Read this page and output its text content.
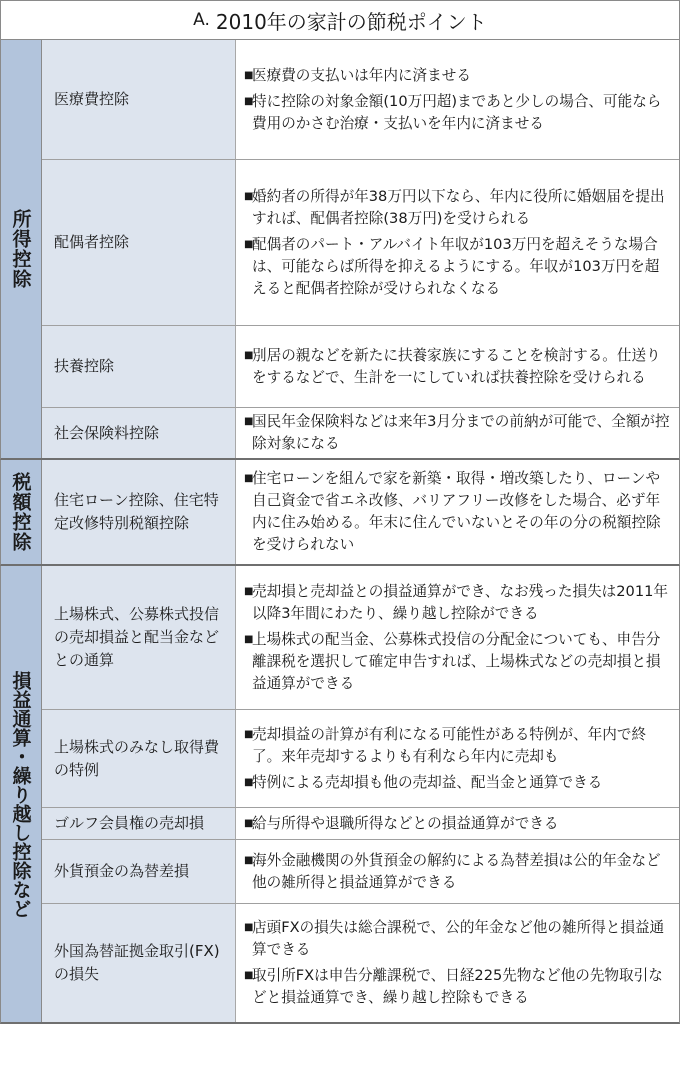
A. 2010年の家計の節税ポイント
所得控除
医療費控除
■
医療費の支払いは年内に済ませる
■
特に控除の対象金額(10万円超)まであと少しの場合、可能なら費用のかさむ治療・支払いを年内に済ませる
配偶者控除
■
婚約者の所得が年38万円以下なら、年内に役所に婚姻届を提出すれば、配偶者控除(38万円)を受けられる
■
配偶者のパート・アルバイト年収が103万円を超えそうな場合は、可能ならば所得を抑えるようにする。年収が103万円を超えると配偶者控除が受けられなくなる
扶養控除
■
別居の親などを新たに扶養家族にすることを検討する。仕送りをするなどで、生計を一にしていれば扶養控除を受けられる
社会保険料控除
■
国民年金保険料などは来年3月分までの前納が可能で、全額が控除対象になる
税額控除	住宅ローン控除、住宅特定改修特別税額控除
■
住宅ローンを組んで家を新築・取得・増改築したり、ローンや自己資金で省エネ改修、バリアフリー改修をした場合、必ず年内に住み始める。年末に住んでいないとその年の分の税額控除を受けられない
損益通算・繰り越し控除など
上場株式、公募株式投信の売却損益と配当金などとの通算
■
売却損と売却益との損益通算ができ、なお残った損失は2011年以降3年間にわたり、繰り越し控除ができる
■
上場株式の配当金、公募株式投信の分配金についても、申告分離課税を選択して確定申告すれば、上場株式などの売却損と損益通算ができる
上場株式のみなし取得費の特例
■
売却損益の計算が有利になる可能性がある特例が、年内で終了。来年売却するよりも有利なら年内に売却も
■
特例による売却損も他の売却益、配当金と通算できる
ゴルフ会員権の売却損	■
給与所得や退職所得などとの損益通算ができる
外貨預金の為替差損
■
海外金融機関の外貨預金の解約による為替差損は公的年金など他の雑所得と損益通算ができる
外国為替証拠金取引(FX)の損失
■
店頭FXの損失は総合課税で、公的年金など他の雑所得と損益通算できる
■
取引所FXは申告分離課税で、日経225先物など他の先物取引などと損益通算でき、繰り越し控除もできる
